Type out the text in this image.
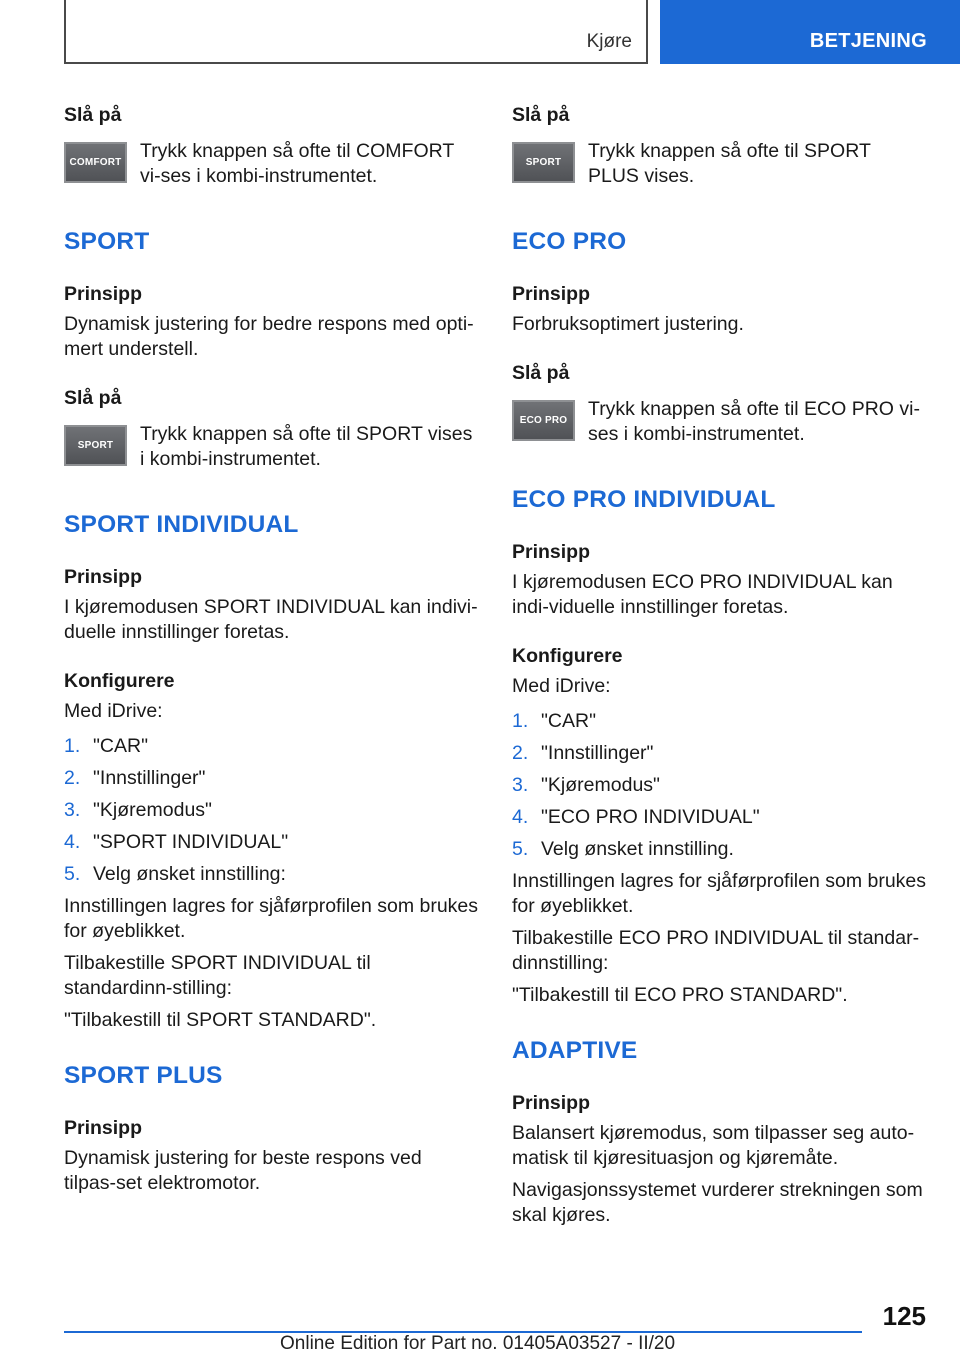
Kjøre	BETJENING

Slå på

COMFORT
Trykk knappen så ofte til COMFORT vi-ses i kombi-instrumentet.

SPORT

Prinsipp

Dynamisk justering for bedre respons med opti-mert understell.

Slå på

SPORT
Trykk knappen så ofte til SPORT vises i kombi-instrumentet.

SPORT INDIVIDUAL

Prinsipp

I kjøremodusen SPORT INDIVIDUAL kan indivi-duelle innstillinger foretas.

Konfigurere

Med iDrive:

1. "CAR"
2. "Innstillinger"
3. "Kjøremodus"
4. "SPORT INDIVIDUAL"
5. Velg ønsket innstilling:

Innstillingen lagres for sjåførprofilen som brukes for øyeblikket.

Tilbakestille SPORT INDIVIDUAL til standardinn-stilling:

"Tilbakestill til SPORT STANDARD".

SPORT PLUS

Prinsipp

Dynamisk justering for beste respons ved tilpas-set elektromotor.

Slå på

SPORT
Trykk knappen så ofte til SPORT PLUS vises.

ECO PRO

Prinsipp

Forbruksoptimert justering.

Slå på

ECO PRO
Trykk knappen så ofte til ECO PRO vi-ses i kombi-instrumentet.

ECO PRO INDIVIDUAL

Prinsipp

I kjøremodusen ECO PRO INDIVIDUAL kan indi-viduelle innstillinger foretas.

Konfigurere

Med iDrive:

1. "CAR"
2. "Innstillinger"
3. "Kjøremodus"
4. "ECO PRO INDIVIDUAL"
5. Velg ønsket innstilling.

Innstillingen lagres for sjåførprofilen som brukes for øyeblikket.

Tilbakestille ECO PRO INDIVIDUAL til standar-dinnstilling:

"Tilbakestill til ECO PRO STANDARD".

ADAPTIVE

Prinsipp

Balansert kjøremodus, som tilpasser seg auto-matisk til kjøresituasjon og kjøremåte.

Navigasjonssystemet vurderer strekningen som skal kjøres.

125
Online Edition for Part no. 01405A03527 - II/20
